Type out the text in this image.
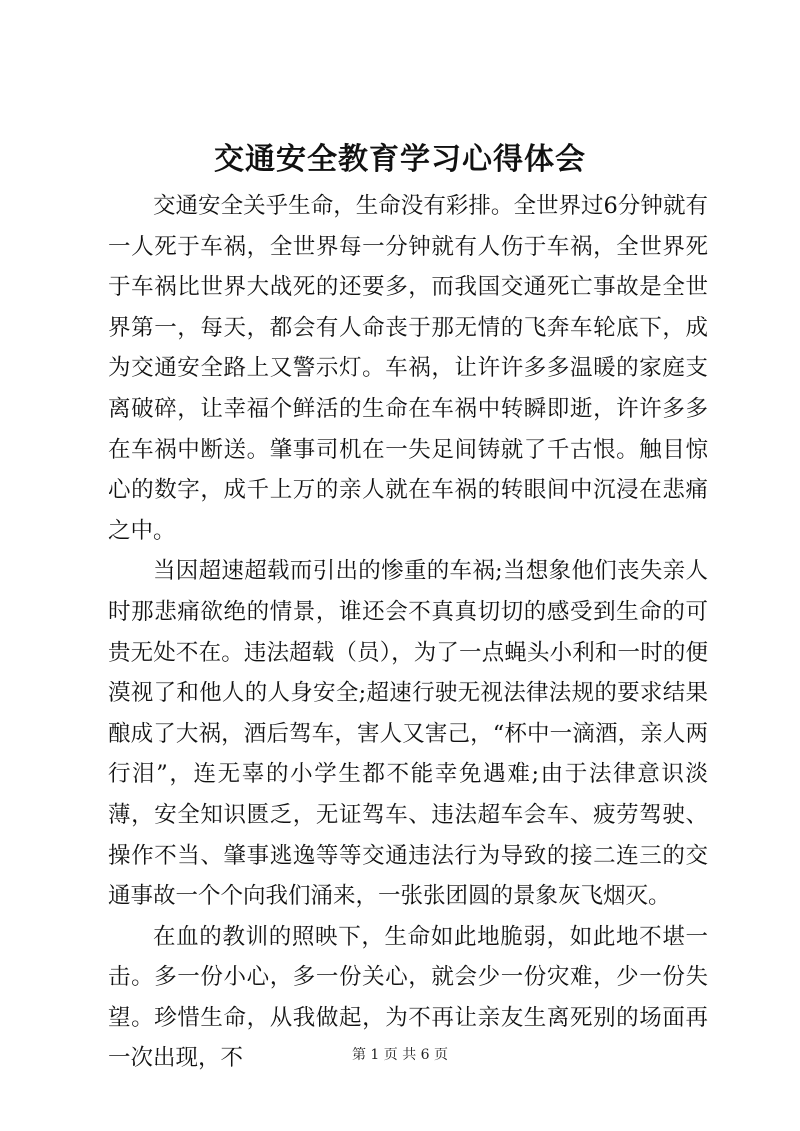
交通安全教育学习心得体会

交通安全关乎生命，生命没有彩排。全世界过6分钟就有一人死于车祸，全世界每一分钟就有人伤于车祸，全世界死于车祸比世界大战死的还要多，而我国交通死亡事故是全世界第一，每天，都会有人命丧于那无情的飞奔车轮底下，成为交通安全路上又警示灯。车祸，让许许多多温暖的家庭支离破碎，让幸福个鲜活的生命在车祸中转瞬即逝，许许多多在车祸中断送。肇事司机在一失足间铸就了千古恨。触目惊心的数字，成千上万的亲人就在车祸的转眼间中沉浸在悲痛之中。

当因超速超载而引出的惨重的车祸;当想象他们丧失亲人时那悲痛欲绝的情景，谁还会不真真切切的感受到生命的可贵无处不在。违法超载（员），为了一点蝇头小利和一时的便漠视了和他人的人身安全;超速行驶无视法律法规的要求结果酿成了大祸，酒后驾车，害人又害己，“杯中一滴酒，亲人两行泪”，连无辜的小学生都不能幸免遇难;由于法律意识淡薄，安全知识匮乏，无证驾车、违法超车会车、疲劳驾驶、操作不当、肇事逃逸等等交通违法行为导致的接二连三的交通事故一个个向我们涌来，一张张团圆的景象灰飞烟灭。

在血的教训的照映下，生命如此地脆弱，如此地不堪一击。多一份小心，多一份关心，就会少一份灾难，少一份失望。珍惜生命，从我做起，为不再让亲友生离死别的场面再一次出现，不	第 1 页 共 6 页
